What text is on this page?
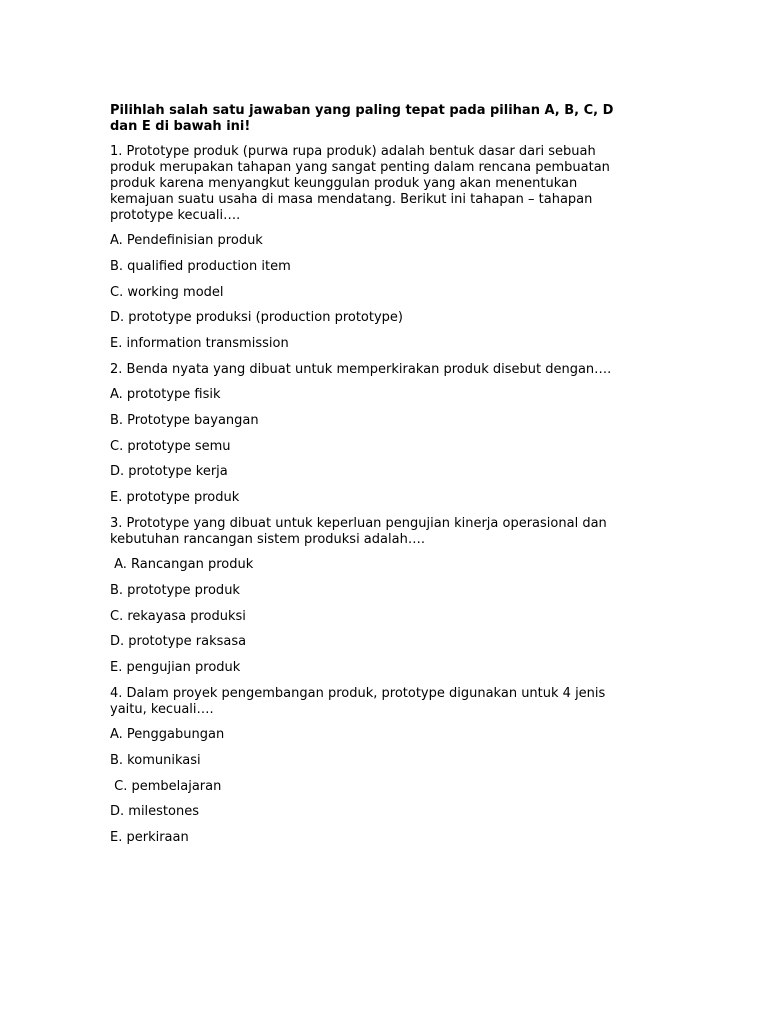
Pilihlah salah satu jawaban yang paling tepat pada pilihan A, B, C, D dan E di bawah ini!

1. Prototype produk (purwa rupa produk) adalah bentuk dasar dari sebuah produk merupakan tahapan yang sangat penting dalam rencana pembuatan produk karena menyangkut keunggulan produk yang akan menentukan kemajuan suatu usaha di masa mendatang. Berikut ini tahapan – tahapan prototype kecuali….

A. Pendefinisian produk

B. qualified production item

C. working model

D. prototype produksi (production prototype)

E. information transmission

2. Benda nyata yang dibuat untuk memperkirakan produk disebut dengan….

A. prototype fisik

B. Prototype bayangan

C. prototype semu

D. prototype kerja

E. prototype produk

3. Prototype yang dibuat untuk keperluan pengujian kinerja operasional dan kebutuhan rancangan sistem produksi adalah….

A. Rancangan produk

B. prototype produk

C. rekayasa produksi

D. prototype raksasa

E. pengujian produk

4. Dalam proyek pengembangan produk, prototype digunakan untuk 4 jenis yaitu, kecuali….

A. Penggabungan

B. komunikasi

C. pembelajaran

D. milestones

E. perkiraan
